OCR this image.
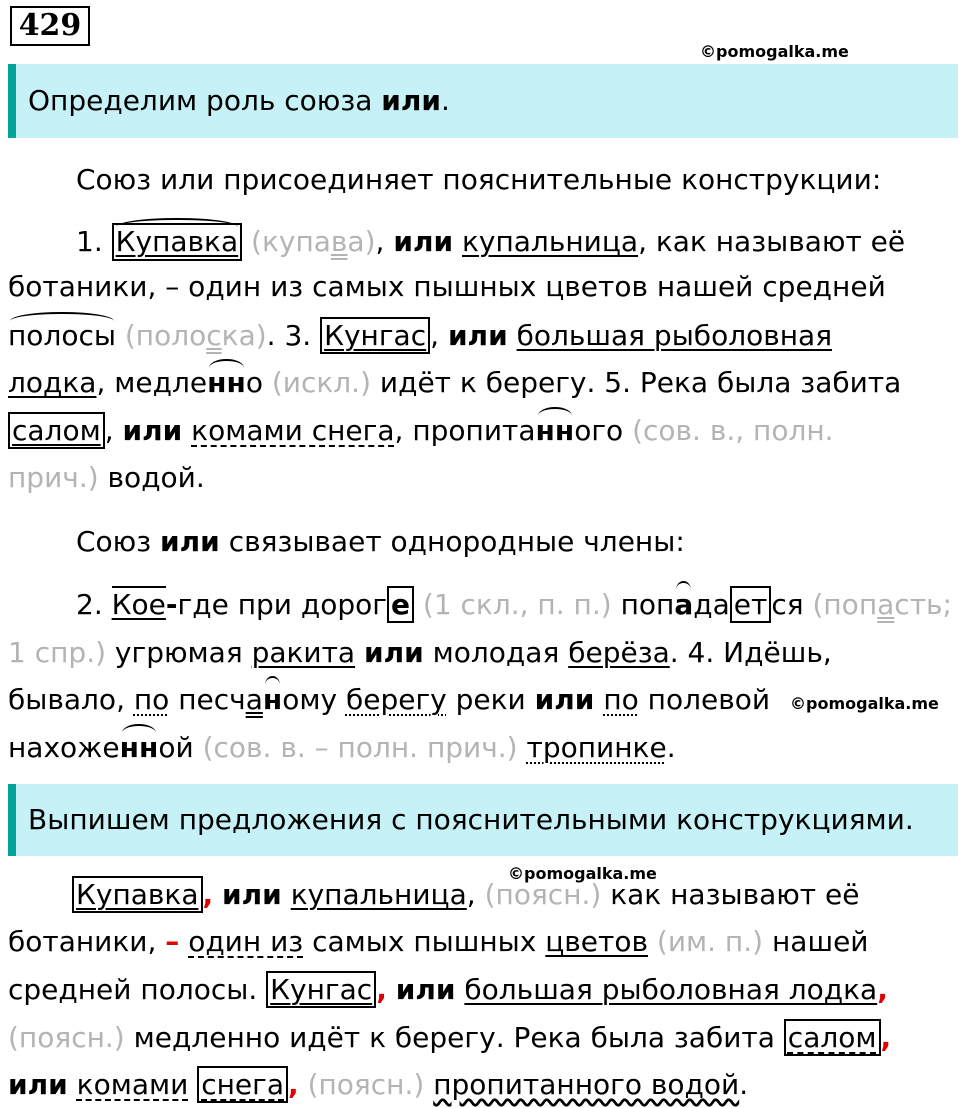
429
©pomogalka.me
Определим роль союза или.
Союз или присоединяет пояснительные конструкции:
1. Купавка (купава), или купальница, как называют её
ботаники, – один из самых пышных цветов нашей средней
полосы (полоска). 3. Кунгас , или большая рыболовная
лодка, медленно (искл.) идёт к берегу. 5. Река была забита
салом , или комами снега, пропитанного (сов. в., полн.
прич.) водой.
Союз или связывает однородные члены:
2. Кое-где при дорог е (1 скл., п. п.) попада ет ся (попасть;
1 спр.) угрюмая ракита или молодая берёза. 4. Идёшь,
бывало, по песчаному берегу реки или по полевой ©pomogalka.me
нахоженной (сов. в. – полн. прич.) тропинке.
Выпишем предложения с пояснительными конструкциями.
©pomogalka.me
Купавка , или купальница, (поясн.) как называют её
ботаники, – один из самых пышных цветов (им. п.) нашей
средней полосы. Кунгас , или большая рыболовная лодка,
(поясн.) медленно идёт к берегу. Река была забита салом ,
или комами снега , (поясн.) пропитанного водой.
